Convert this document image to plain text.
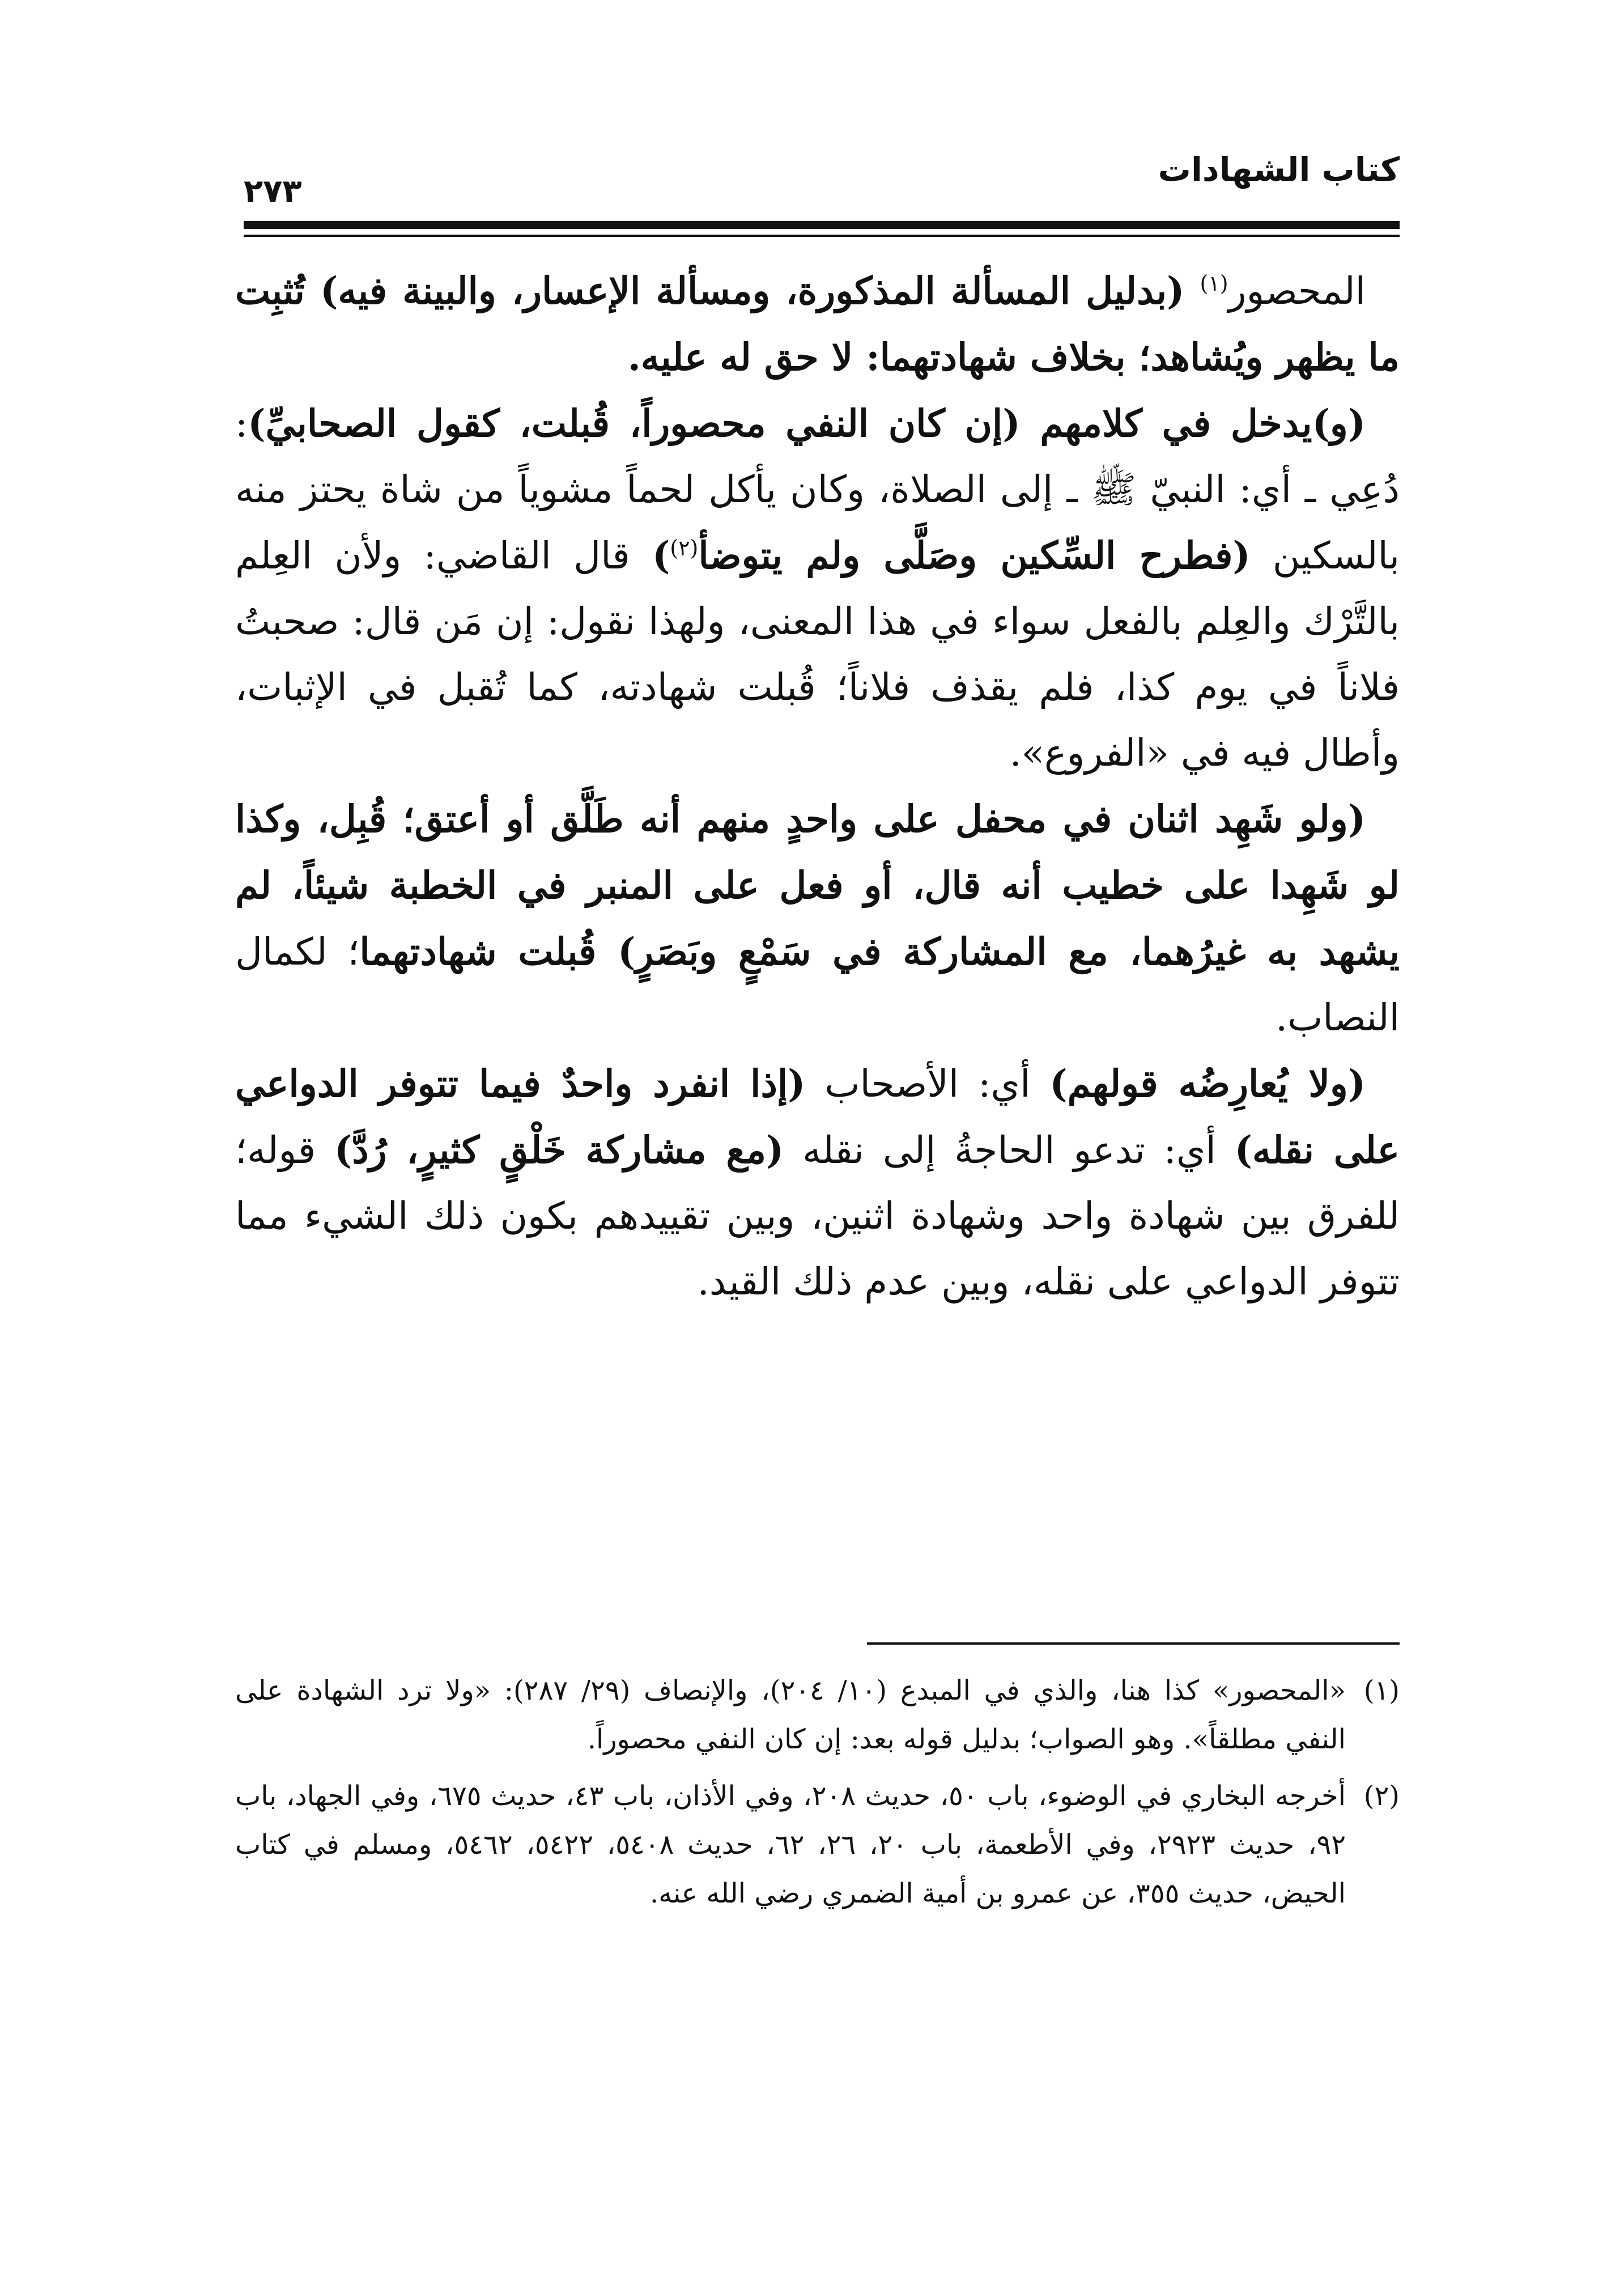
كتاب الشهادات
٢٧٣

المحصور$^{(١)}$ (بدليل المسألة المذكورة، ومسألة الإعسار، والبينة فيه) تُثبِت ما يظهر ويُشاهد؛ بخلاف شهادتهما: لا حق له عليه.

(و)يدخل في كلامهم (إن كان النفي محصوراً، قُبلت، كقول الصحابيِّ): دُعِي ـ أي: النبيّ ﷺ ـ إلى الصلاة، وكان يأكل لحماً مشوياً من شاة يحتز منه بالسكين (فطرح السِّكين وصَلَّى ولم يتوضأ$^{(٢)}$) قال القاضي: ولأن العِلم بالتَّرْك والعِلم بالفعل سواء في هذا المعنى، ولهذا نقول: إن مَن قال: صحبتُ فلاناً في يوم كذا، فلم يقذف فلاناً؛ قُبلت شهادته، كما تُقبل في الإثبات، وأطال فيه في «الفروع».

(ولو شَهِد اثنان في محفل على واحدٍ منهم أنه طَلَّق أو أعتق؛ قُبِل، وكذا لو شَهِدا على خطيب أنه قال، أو فعل على المنبر في الخطبة شيئاً، لم يشهد به غيرُهما، مع المشاركة في سَمْعٍ وبَصَرٍ) قُبلت شهادتهما؛ لكمال النصاب.

(ولا يُعارِضُه قولهم) أي: الأصحاب (إذا انفرد واحدٌ فيما تتوفر الدواعي على نقله) أي: تدعو الحاجةُ إلى نقله (مع مشاركة خَلْقٍ كثيرٍ، رُدَّ) قوله؛ للفرق بين شهادة واحد وشهادة اثنين، وبين تقييدهم بكون ذلك الشيء مما تتوفر الدواعي على نقله، وبين عدم ذلك القيد.

(١)
«المحصور» كذا هنا، والذي في المبدع (١٠/ ٢٠٤)، والإنصاف (٢٩/ ٢٨٧): «ولا ترد الشهادة على النفي مطلقاً». وهو الصواب؛ بدليل قوله بعد: إن كان النفي محصوراً.

(٢)
أخرجه البخاري في الوضوء، باب ٥٠، حديث ٢٠٨، وفي الأذان، باب ٤٣، حديث ٦٧٥، وفي الجهاد، باب ٩٢، حديث ٢٩٢٣، وفي الأطعمة، باب ٢٠، ٢٦، ٦٢، حديث ٥٤٠٨، ٥٤٢٢، ٥٤٦٢، ومسلم في كتاب الحيض، حديث ٣٥٥، عن عمرو بن أمية الضمري رضي الله عنه.
